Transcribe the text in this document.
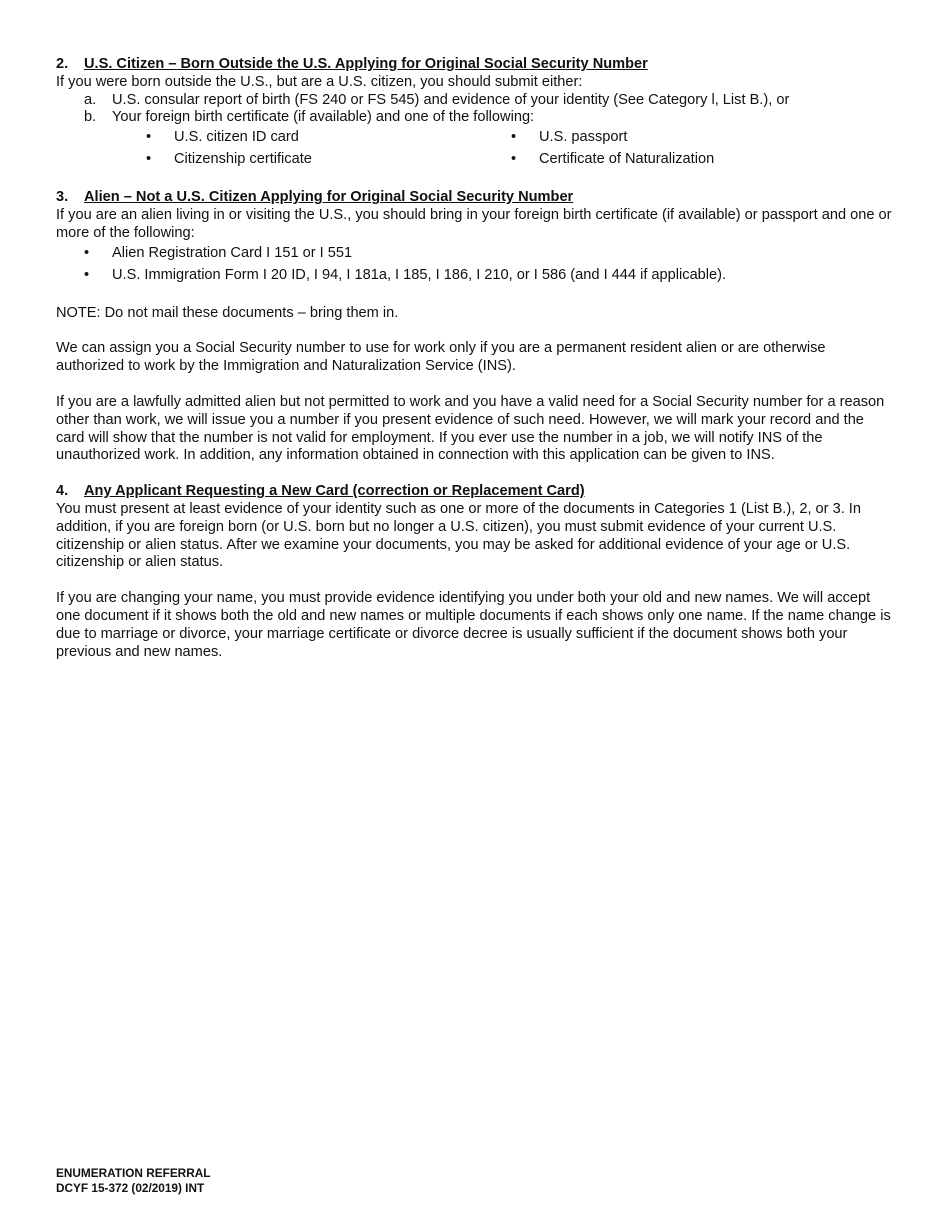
2. U.S. Citizen – Born Outside the U.S. Applying for Original Social Security Number

If you were born outside the U.S., but are a U.S. citizen, you should submit either:

a.	U.S. consular report of birth (FS 240 or FS 545) and evidence of your identity (See Category l, List B.), or
b.	Your foreign birth certificate (if available) and one of the following:
•	U.S. citizen ID card	•	U.S. passport
•	Citizenship certificate	•	Certificate of Naturalization

3. Alien – Not a U.S. Citizen Applying for Original Social Security Number

If you are an alien living in or visiting the U.S., you should bring in your foreign birth certificate (if available) or passport and one or more of the following:

•	Alien Registration Card I 151 or I 551
•	U.S. Immigration Form I 20 ID, I 94, I 181a, I 185, I 186, I 210, or I 586 (and I 444 if applicable).

NOTE: Do not mail these documents – bring them in.

We can assign you a Social Security number to use for work only if you are a permanent resident alien or are otherwise authorized to work by the Immigration and Naturalization Service (INS).

If you are a lawfully admitted alien but not permitted to work and you have a valid need for a Social Security number for a reason other than work, we will issue you a number if you present evidence of such need. However, we will mark your record and the card will show that the number is not valid for employment. If you ever use the number in a job, we will notify INS of the unauthorized work. In addition, any information obtained in connection with this application can be given to INS.

4. Any Applicant Requesting a New Card (correction or Replacement Card)

You must present at least evidence of your identity such as one or more of the documents in Categories 1 (List B.), 2, or 3. In addition, if you are foreign born (or U.S. born but no longer a U.S. citizen), you must submit evidence of your current U.S. citizenship or alien status. After we examine your documents, you may be asked for additional evidence of your age or U.S. citizenship or alien status.

If you are changing your name, you must provide evidence identifying you under both your old and new names. We will accept one document if it shows both the old and new names or multiple documents if each shows only one name. If the name change is due to marriage or divorce, your marriage certificate or divorce decree is usually sufficient if the document shows both your previous and new names.

ENUMERATION REFERRAL
DCYF 15-372 (02/2019) INT
